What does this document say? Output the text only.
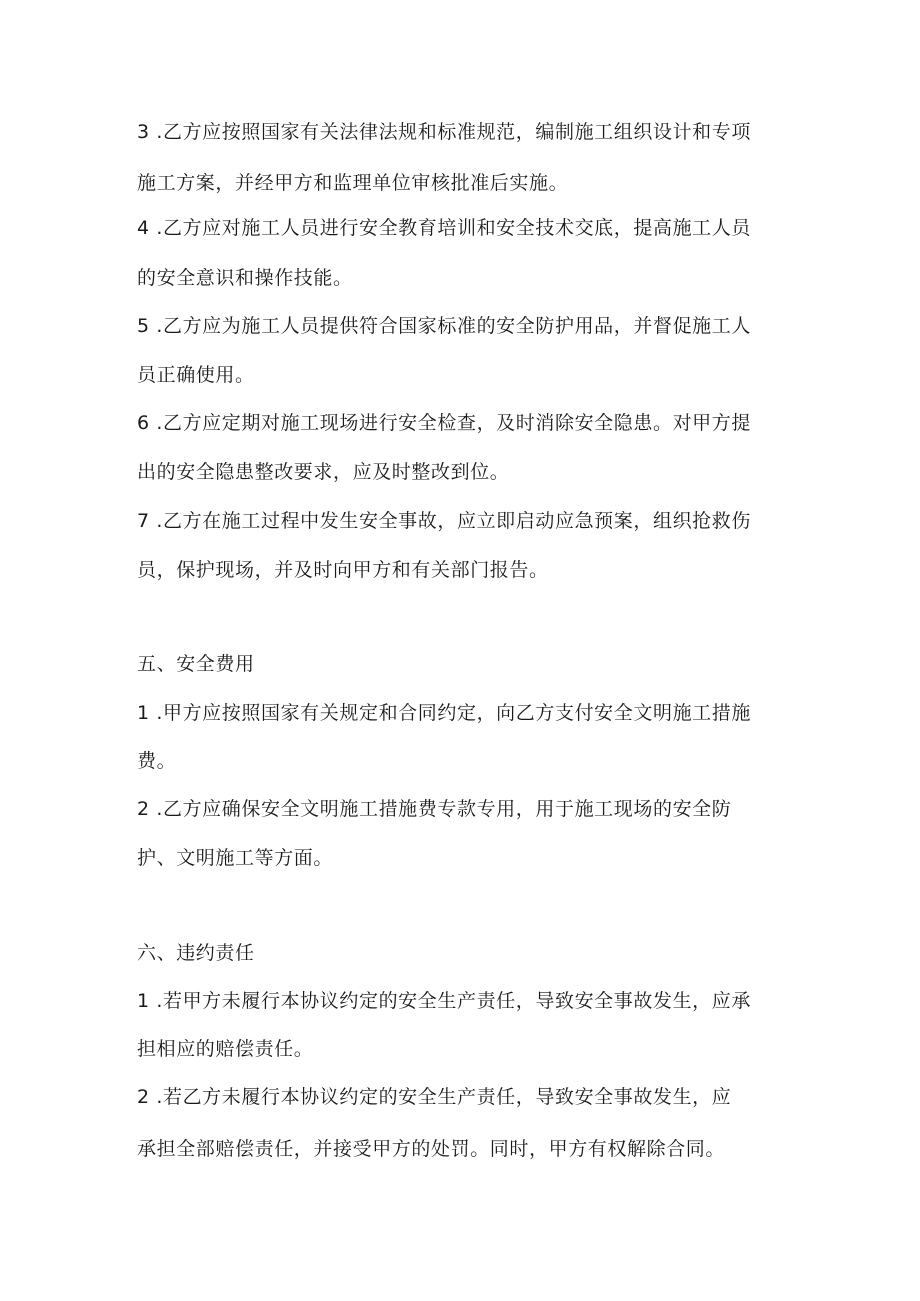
3 .乙方应按照国家有关法律法规和标准规范，编制施工组织设计和专项
施工方案，并经甲方和监理单位审核批准后实施。
4 .乙方应对施工人员进行安全教育培训和安全技术交底，提高施工人员
的安全意识和操作技能。
5 .乙方应为施工人员提供符合国家标准的安全防护用品，并督促施工人
员正确使用。
6 .乙方应定期对施工现场进行安全检查，及时消除安全隐患。对甲方提
出的安全隐患整改要求，应及时整改到位。
7 .乙方在施工过程中发生安全事故，应立即启动应急预案，组织抢救伤
员，保护现场，并及时向甲方和有关部门报告。
五、安全费用
1 .甲方应按照国家有关规定和合同约定，向乙方支付安全文明施工措施
费。
2 .乙方应确保安全文明施工措施费专款专用，用于施工现场的安全防
护、文明施工等方面。
六、违约责任
1 .若甲方未履行本协议约定的安全生产责任，导致安全事故发生，应承
担相应的赔偿责任。
2 .若乙方未履行本协议约定的安全生产责任，导致安全事故发生，应
承担全部赔偿责任，并接受甲方的处罚。同时，甲方有权解除合同。
